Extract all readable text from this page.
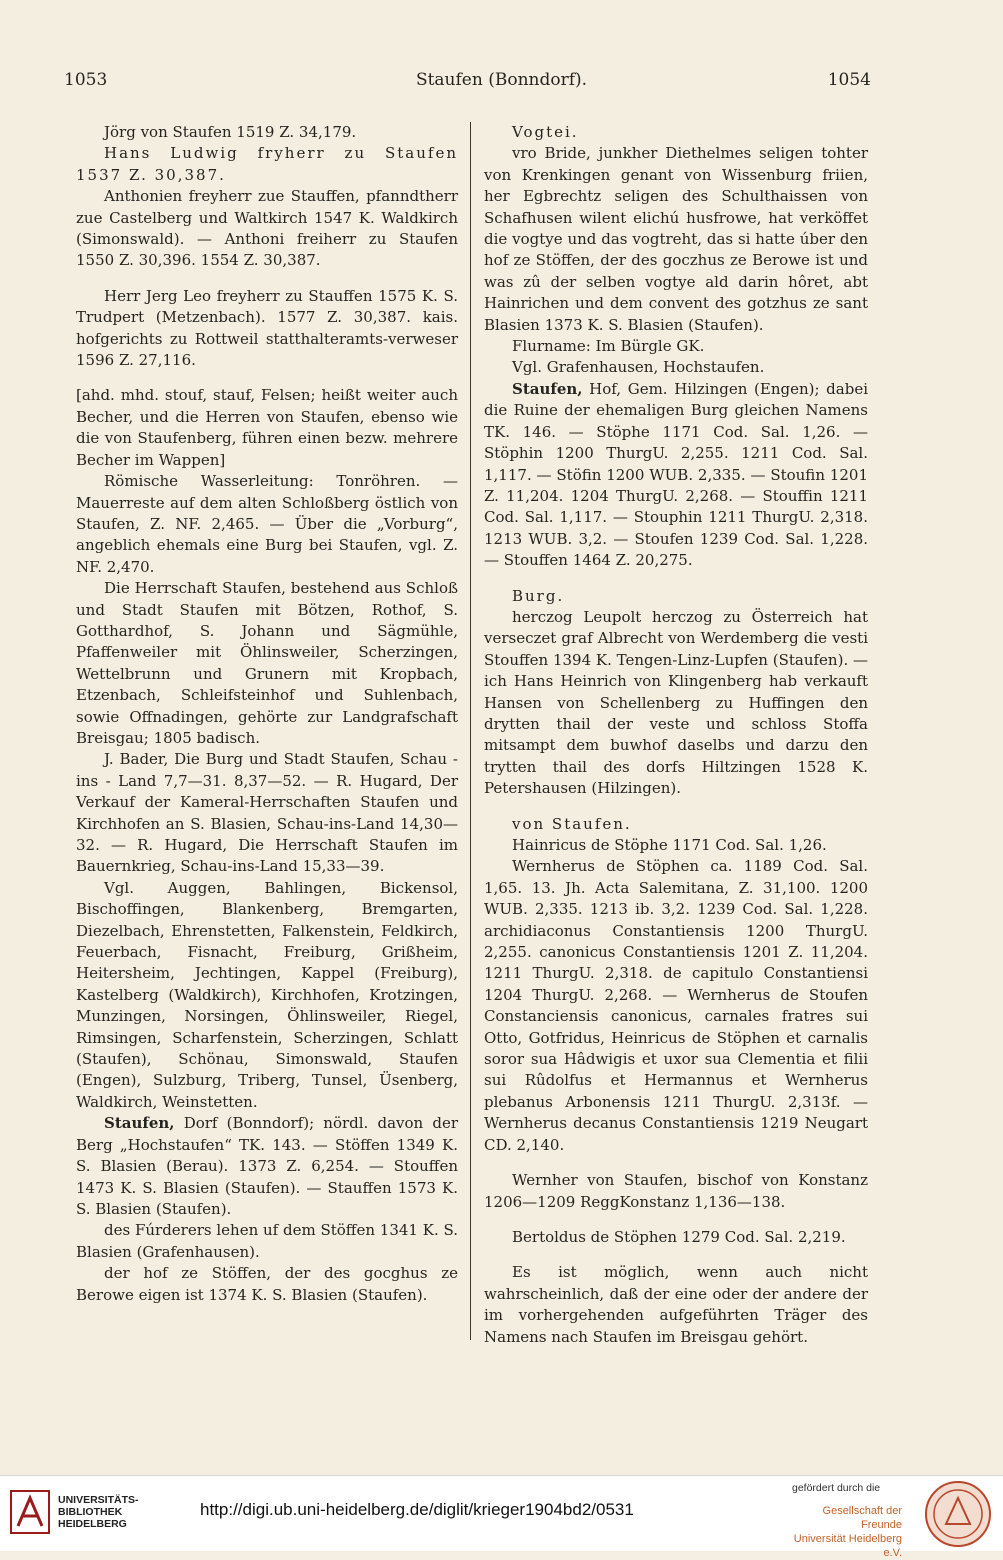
1053	Staufen (Bonndorf).	1054

Jörg von Staufen 1519 Z. 34,179.

Hans Ludwig fryherr zu Staufen 1537 Z. 30,387.

Anthonien freyherr zue Stauffen, pfanndtherr zue Castelberg und Waltkirch 1547 K. Waldkirch (Simonswald). — Anthoni freiherr zu Staufen 1550 Z. 30,396. 1554 Z. 30,387.

Herr Jerg Leo freyherr zu Stauffen 1575 K. S. Trudpert (Metzenbach). 1577 Z. 30,387. kais. hofgerichts zu Rottweil statthalteramts-verweser 1596 Z. 27,116.

[ahd. mhd. stouf, stauf, Felsen; heißt weiter auch Becher, und die Herren von Staufen, ebenso wie die von Staufenberg, führen einen bezw. mehrere Becher im Wappen]

Römische Wasserleitung: Tonröhren. — Mauerreste auf dem alten Schloßberg östlich von Staufen, Z. NF. 2,465. — Über die „Vorburg“, angeblich ehemals eine Burg bei Staufen, vgl. Z. NF. 2,470.

Die Herrschaft Staufen, bestehend aus Schloß und Stadt Staufen mit Bötzen, Rothof, S. Gotthardhof, S. Johann und Sägmühle, Pfaffenweiler mit Öhlinsweiler, Scherzingen, Wettelbrunn und Grunern mit Kropbach, Etzenbach, Schleifsteinhof und Suhlenbach, sowie Offnadingen, gehörte zur Landgrafschaft Breisgau; 1805 badisch.

J. Bader, Die Burg und Stadt Staufen, Schau - ins - Land 7,7—31. 8,37—52. — R. Hugard, Der Verkauf der Kameral-Herrschaften Staufen und Kirchhofen an S. Blasien, Schau-ins-Land 14,30—32. — R. Hugard, Die Herrschaft Staufen im Bauernkrieg, Schau-ins-Land 15,33—39.

Vgl. Auggen, Bahlingen, Bickensol, Bischoffingen, Blankenberg, Bremgarten, Diezelbach, Ehrenstetten, Falkenstein, Feldkirch, Feuerbach, Fisnacht, Freiburg, Grißheim, Heitersheim, Jechtingen, Kappel (Freiburg), Kastelberg (Waldkirch), Kirchhofen, Krotzingen, Munzingen, Norsingen, Öhlinsweiler, Riegel, Rimsingen, Scharfenstein, Scherzingen, Schlatt (Staufen), Schönau, Simonswald, Staufen (Engen), Sulzburg, Triberg, Tunsel, Üsenberg, Waldkirch, Weinstetten.

Staufen, Dorf (Bonndorf); nördl. davon der Berg „Hochstaufen“ TK. 143. — Stöffen 1349 K. S. Blasien (Berau). 1373 Z. 6,254. — Stouffen 1473 K. S. Blasien (Staufen). — Stauffen 1573 K. S. Blasien (Staufen).

des Fúrderers lehen uf dem Stöffen 1341 K. S. Blasien (Grafenhausen).

der hof ze Stöffen, der des gocghus ze Berowe eigen ist 1374 K. S. Blasien (Staufen).

Vogtei.

vro Bride, junkher Diethelmes seligen tohter von Krenkingen genant von Wissenburg friien, her Egbrechtz seligen des Schulthaissen von Schafhusen wilent elichú husfrowe, hat verköffet die vogtye und das vogtreht, das si hatte úber den hof ze Stöffen, der des goczhus ze Berowe ist und was zû der selben vogtye ald darin hôret, abt Hainrichen und dem convent des gotzhus ze sant Blasien 1373 K. S. Blasien (Staufen).

Flurname: Im Bürgle GK.

Vgl. Grafenhausen, Hochstaufen.

Staufen, Hof, Gem. Hilzingen (Engen); dabei die Ruine der ehemaligen Burg gleichen Namens TK. 146. — Stöphe 1171 Cod. Sal. 1,26. — Stöphin 1200 ThurgU. 2,255. 1211 Cod. Sal. 1,117. — Stöfin 1200 WUB. 2,335. — Stoufin 1201 Z. 11,204. 1204 ThurgU. 2,268. — Stouffin 1211 Cod. Sal. 1,117. — Stouphin 1211 ThurgU. 2,318. 1213 WUB. 3,2. — Stoufen 1239 Cod. Sal. 1,228. — Stouffen 1464 Z. 20,275.

Burg.

herczog Leupolt herczog zu Österreich hat verseczet graf Albrecht von Werdemberg die vesti Stouffen 1394 K. Tengen-Linz-Lupfen (Staufen). — ich Hans Heinrich von Klingenberg hab verkauft Hansen von Schellenberg zu Huffingen den drytten thail der veste und schloss Stoffa mitsampt dem buwhof daselbs und darzu den trytten thail des dorfs Hiltzingen 1528 K. Petershausen (Hilzingen).

von Staufen.

Hainricus de Stöphe 1171 Cod. Sal. 1,26.

Wernherus de Stöphen ca. 1189 Cod. Sal. 1,65. 13. Jh. Acta Salemitana, Z. 31,100. 1200 WUB. 2,335. 1213 ib. 3,2. 1239 Cod. Sal. 1,228. archidiaconus Constantiensis 1200 ThurgU. 2,255. canonicus Constantiensis 1201 Z. 11,204. 1211 ThurgU. 2,318. de capitulo Constantiensi 1204 ThurgU. 2,268. — Wernherus de Stoufen Constanciensis canonicus, carnales fratres sui Otto, Gotfridus, Heinricus de Stöphen et carnalis soror sua Hâdwigis et uxor sua Clementia et filii sui Rûdolfus et Hermannus et Wernherus plebanus Arbonensis 1211 ThurgU. 2,313f. — Wernherus decanus Constantiensis 1219 Neugart CD. 2,140.

Wernher von Staufen, bischof von Konstanz 1206—1209 ReggKonstanz 1,136—138.

Bertoldus de Stöphen 1279 Cod. Sal. 2,219.

Es ist möglich, wenn auch nicht wahrscheinlich, daß der eine oder der andere der im vorhergehenden aufgeführten Träger des Namens nach Staufen im Breisgau gehört.

UNIVERSITÄTS-
BIBLIOTHEK
HEIDELBERG
http://digi.ub.uni-heidelberg.de/diglit/krieger1904bd2/0531
gefördert durch die
Gesellschaft der Freunde
Universität Heidelberg e.V.
